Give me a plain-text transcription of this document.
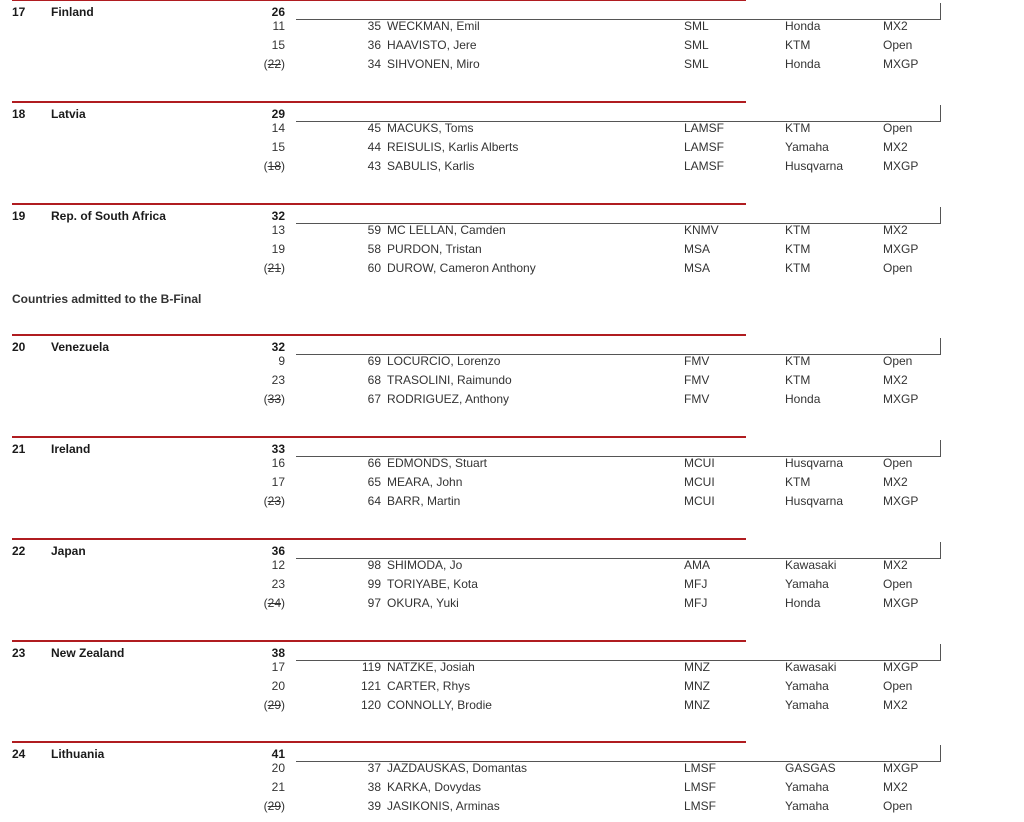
17 Finland	26
11	35 WECKMAN, Emil	SML	Honda	MX2
15	36 HAAVISTO, Jere	SML	KTM	Open
(22)	34 SIHVONEN, Miro	SML	Honda	MXGP
18 Latvia	29
14	45 MACUKS, Toms	LAMSF	KTM	Open
15	44 REISULIS, Karlis Alberts	LAMSF	Yamaha	MX2
(18)	43 SABULIS, Karlis	LAMSF	Husqvarna	MXGP
19 Rep. of South Africa	32
13	59 MC LELLAN, Camden	KNMV	KTM	MX2
19	58 PURDON, Tristan	MSA	KTM	MXGP
(21)	60 DUROW, Cameron Anthony	MSA	KTM	Open
Countries admitted to the B-Final
20 Venezuela	32
9	69 LOCURCIO, Lorenzo	FMV	KTM	Open
23	68 TRASOLINI, Raimundo	FMV	KTM	MX2
(33)	67 RODRIGUEZ, Anthony	FMV	Honda	MXGP
21 Ireland	33
16	66 EDMONDS, Stuart	MCUI	Husqvarna	Open
17	65 MEARA, John	MCUI	KTM	MX2
(23)	64 BARR, Martin	MCUI	Husqvarna	MXGP
22 Japan	36
12	98 SHIMODA, Jo	AMA	Kawasaki	MX2
23	99 TORIYABE, Kota	MFJ	Yamaha	Open
(24)	97 OKURA, Yuki	MFJ	Honda	MXGP
23 New Zealand	38
17	119 NATZKE, Josiah	MNZ	Kawasaki	MXGP
20	121 CARTER, Rhys	MNZ	Yamaha	Open
(29)	120 CONNOLLY, Brodie	MNZ	Yamaha	MX2
24 Lithuania	41
20	37 JAZDAUSKAS, Domantas	LMSF	GASGAS	MXGP
21	38 KARKA, Dovydas	LMSF	Yamaha	MX2
(29)	39 JASIKONIS, Arminas	LMSF	Yamaha	Open
